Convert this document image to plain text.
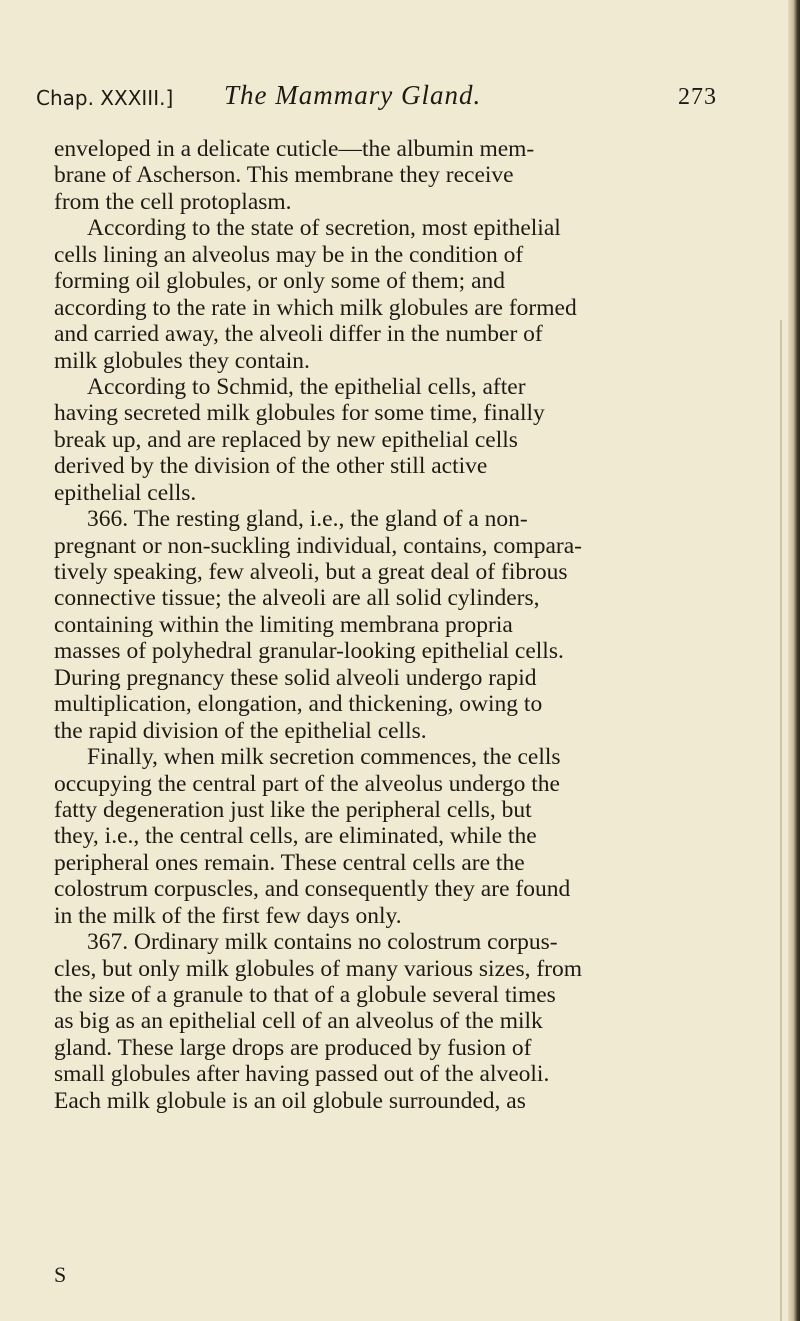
Chap. XXXIII.] The Mammary Gland.	273
enveloped in a delicate cuticle—the albumin mem-
brane of Ascherson. This membrane they receive
from the cell protoplasm.
According to the state of secretion, most epithelial
cells lining an alveolus may be in the condition of
forming oil globules, or only some of them; and
according to the rate in which milk globules are formed
and carried away, the alveoli differ in the number of
milk globules they contain.
According to Schmid, the epithelial cells, after
having secreted milk globules for some time, finally
break up, and are replaced by new epithelial cells
derived by the division of the other still active
epithelial cells.
366. The resting gland, i.e., the gland of a non-
pregnant or non-suckling individual, contains, compara-
tively speaking, few alveoli, but a great deal of fibrous
connective tissue; the alveoli are all solid cylinders,
containing within the limiting membrana propria
masses of polyhedral granular-looking epithelial cells.
During pregnancy these solid alveoli undergo rapid
multiplication, elongation, and thickening, owing to
the rapid division of the epithelial cells.
Finally, when milk secretion commences, the cells
occupying the central part of the alveolus undergo the
fatty degeneration just like the peripheral cells, but
they, i.e., the central cells, are eliminated, while the
peripheral ones remain. These central cells are the
colostrum corpuscles, and consequently they are found
in the milk of the first few days only.
367. Ordinary milk contains no colostrum corpus-
cles, but only milk globules of many various sizes, from
the size of a granule to that of a globule several times
as big as an epithelial cell of an alveolus of the milk
gland. These large drops are produced by fusion of
small globules after having passed out of the alveoli.
Each milk globule is an oil globule surrounded, as
S
